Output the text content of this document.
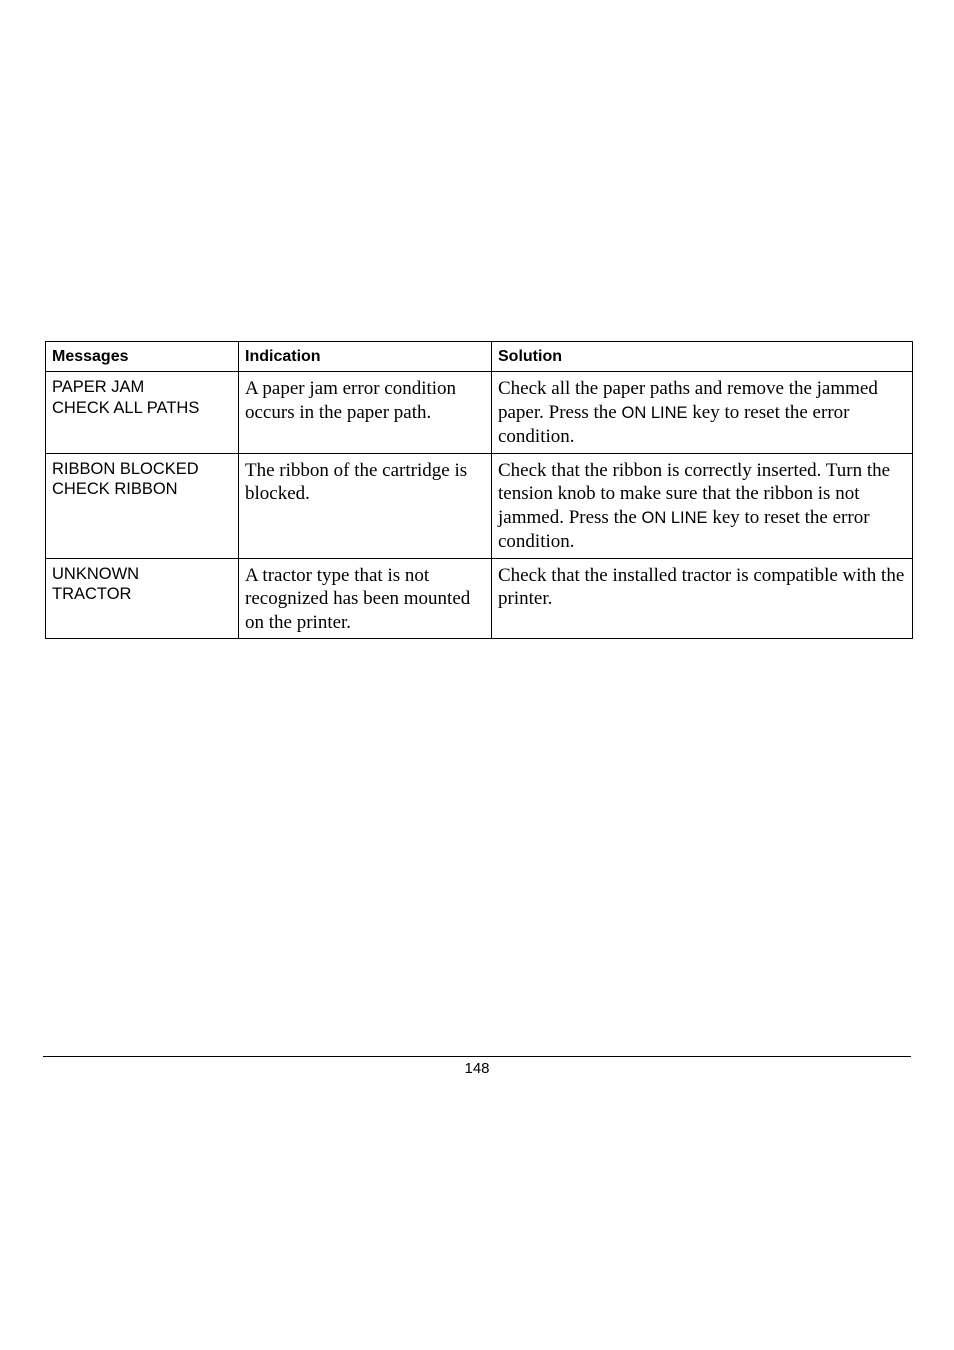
Messages	Indication	Solution

PAPER JAM
CHECK ALL PATHS	A paper jam error condition occurs in the paper path.	Check all the paper paths and remove the jammed paper. Press the ON LINE key to reset the error condition.

RIBBON BLOCKED
CHECK RIBBON	The ribbon of the cartridge is blocked.	Check that the ribbon is correctly inserted. Turn the tension knob to make sure that the ribbon is not jammed. Press the ON LINE key to reset the error condition.

UNKNOWN
TRACTOR	A tractor type that is not recognized has been mounted on the printer.	Check that the installed tractor is compatible with the printer.
148
